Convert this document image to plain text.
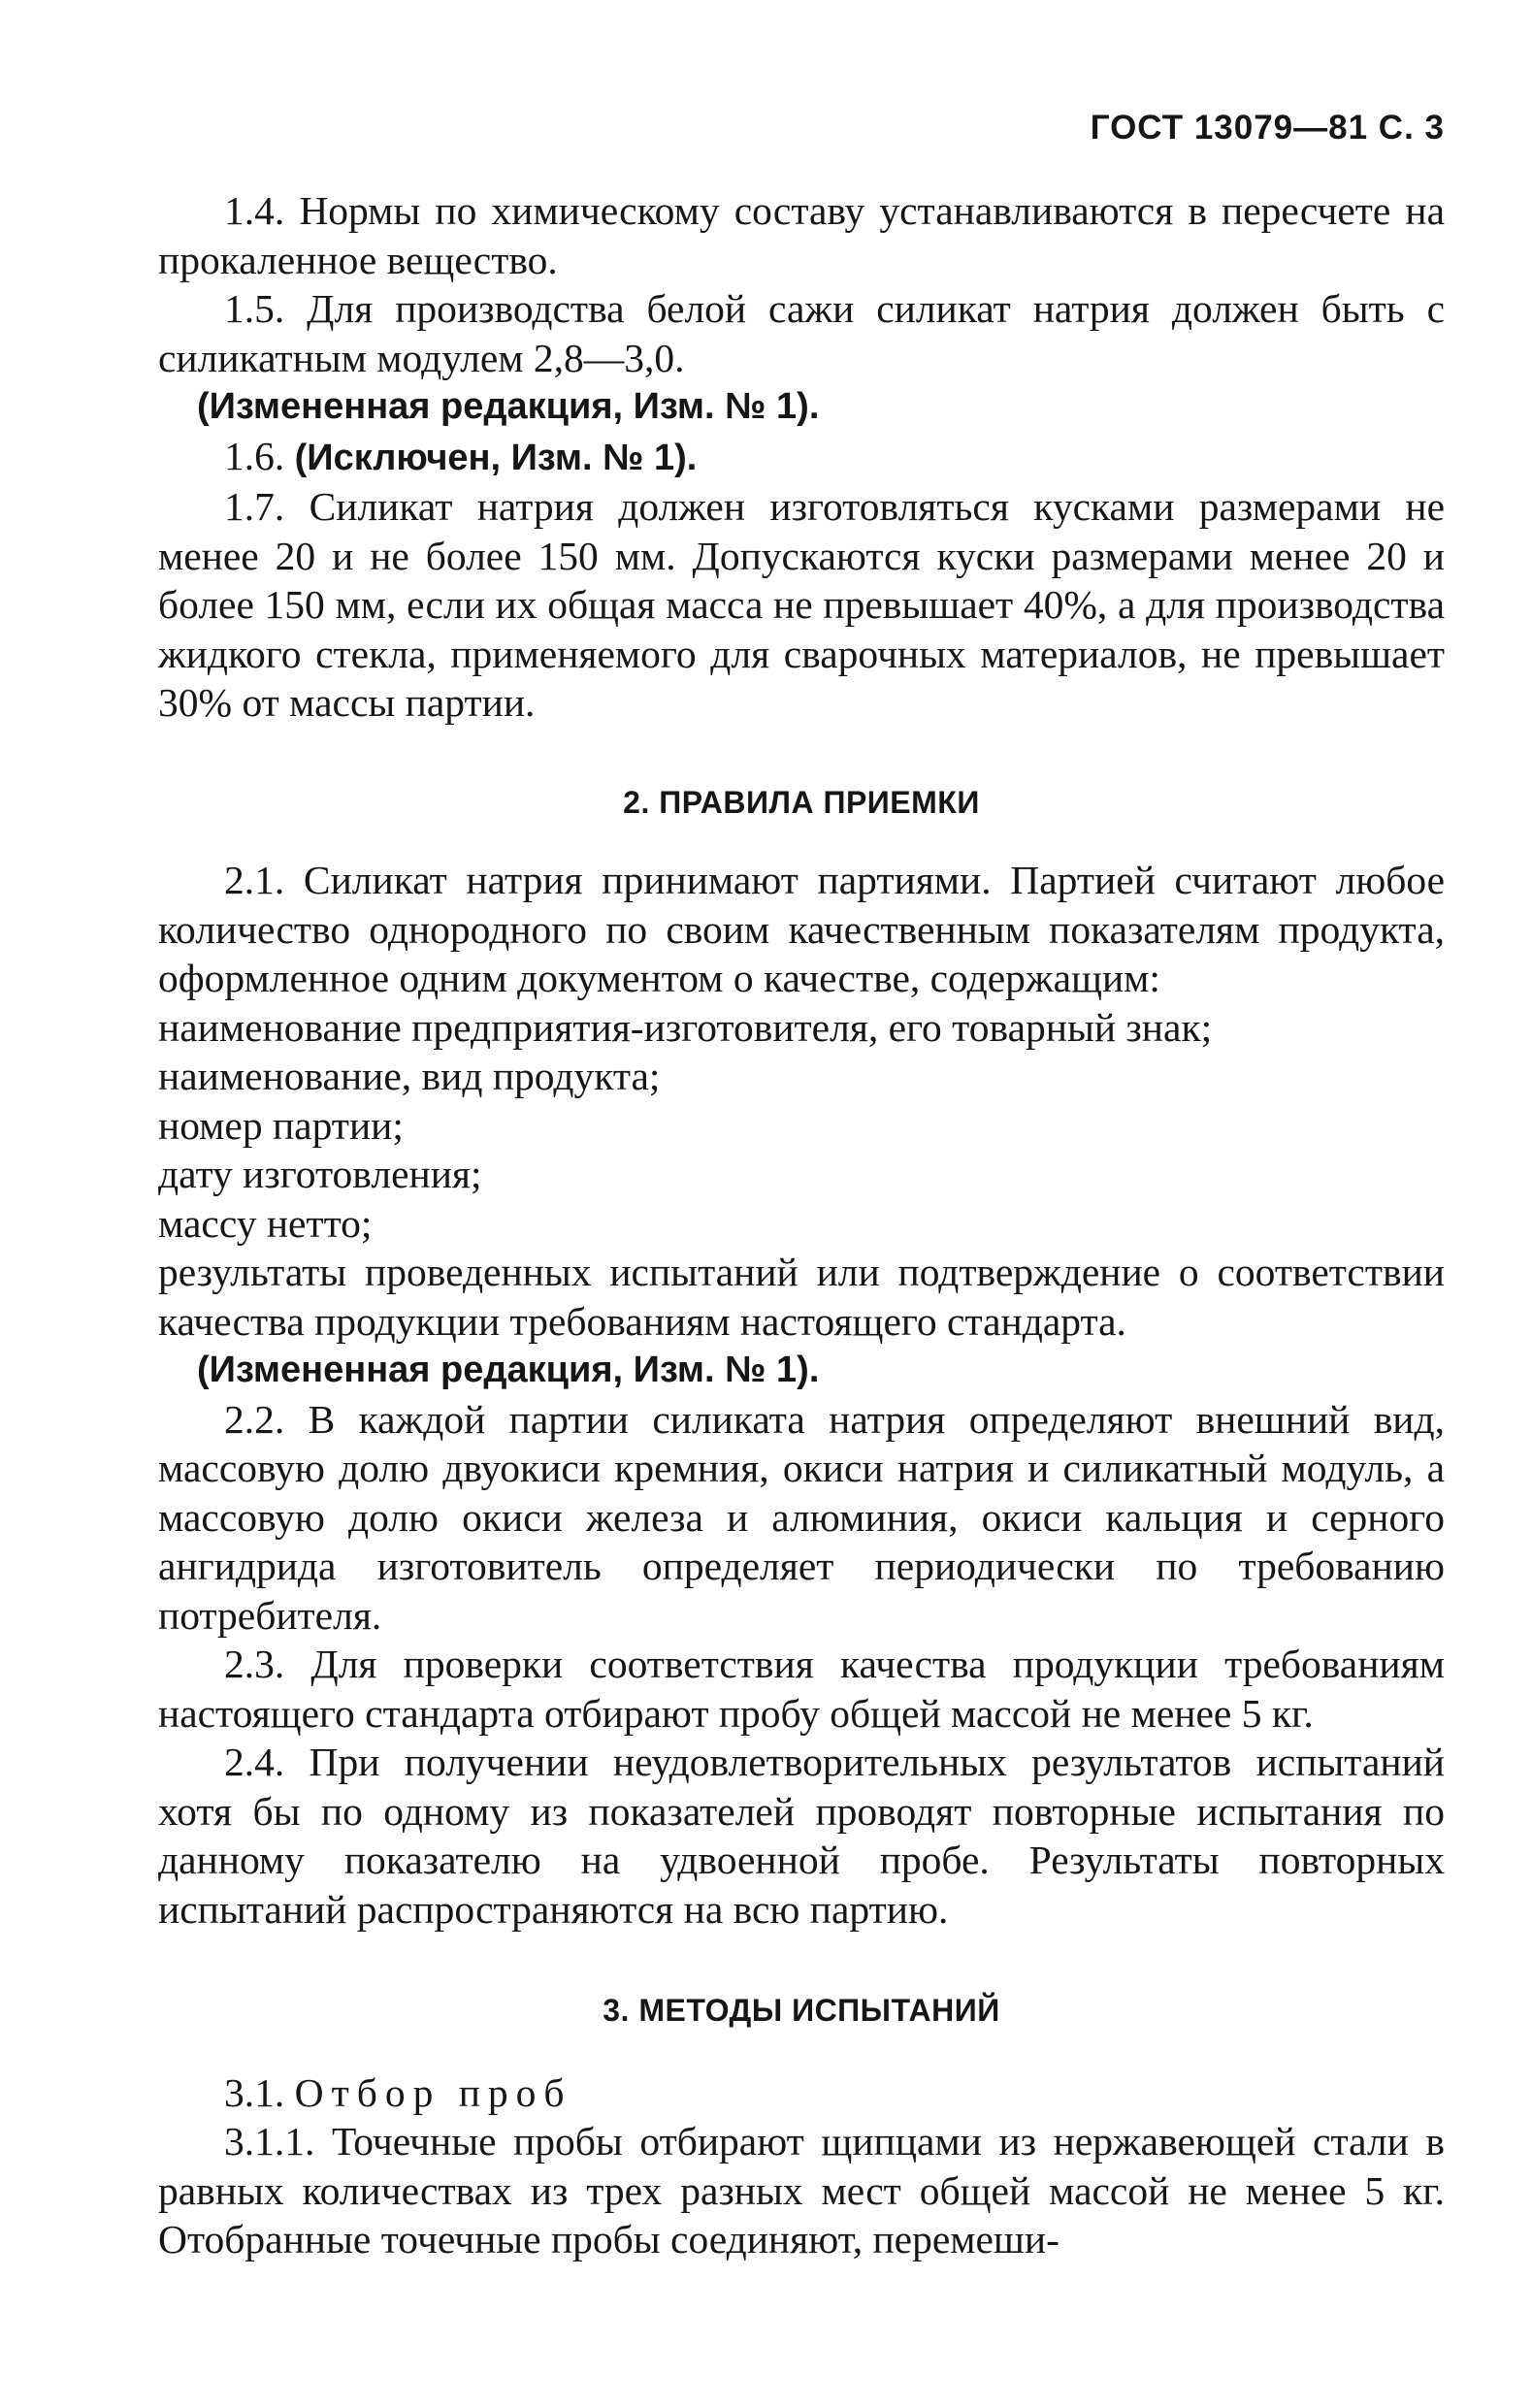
ГОСТ 13079—81 С. 3

1.4. Нормы по химическому составу устанавливаются в пересчете на прокаленное вещество.

1.5. Для производства белой сажи силикат натрия должен быть с силикатным модулем 2,8—3,0.

(Измененная редакция, Изм. № 1).

1.6. (Исключен, Изм. № 1).

1.7. Силикат натрия должен изготовляться кусками размерами не менее 20 и не более 150 мм. Допускаются куски размерами менее 20 и более 150 мм, если их общая масса не превышает 40%, а для производства жидкого стекла, применяемого для сварочных материалов, не превышает 30% от массы партии.

2. ПРАВИЛА ПРИЕМКИ

2.1. Силикат натрия принимают партиями. Партией считают любое количество однородного по своим качественным показателям продукта, оформленное одним документом о качестве, содержащим:

наименование предприятия-изготовителя, его товарный знак;

наименование, вид продукта;

номер партии;

дату изготовления;

массу нетто;

результаты проведенных испытаний или подтверждение о соответствии качества продукции требованиям настоящего стандарта.

(Измененная редакция, Изм. № 1).

2.2. В каждой партии силиката натрия определяют внешний вид, массовую долю двуокиси кремния, окиси натрия и силикатный модуль, а массовую долю окиси железа и алюминия, окиси кальция и серного ангидрида изготовитель определяет периодически по требованию потребителя.

2.3. Для проверки соответствия качества продукции требованиям настоящего стандарта отбирают пробу общей массой не менее 5 кг.

2.4. При получении неудовлетворительных результатов испытаний хотя бы по одному из показателей проводят повторные испытания по данному показателю на удвоенной пробе. Результаты повторных испытаний распространяются на всю партию.

3. МЕТОДЫ ИСПЫТАНИЙ

3.1. Отбор проб

3.1.1. Точечные пробы отбирают щипцами из нержавеющей стали в равных количествах из трех разных мест общей массой не менее 5 кг. Отобранные точечные пробы соединяют, перемеши-
